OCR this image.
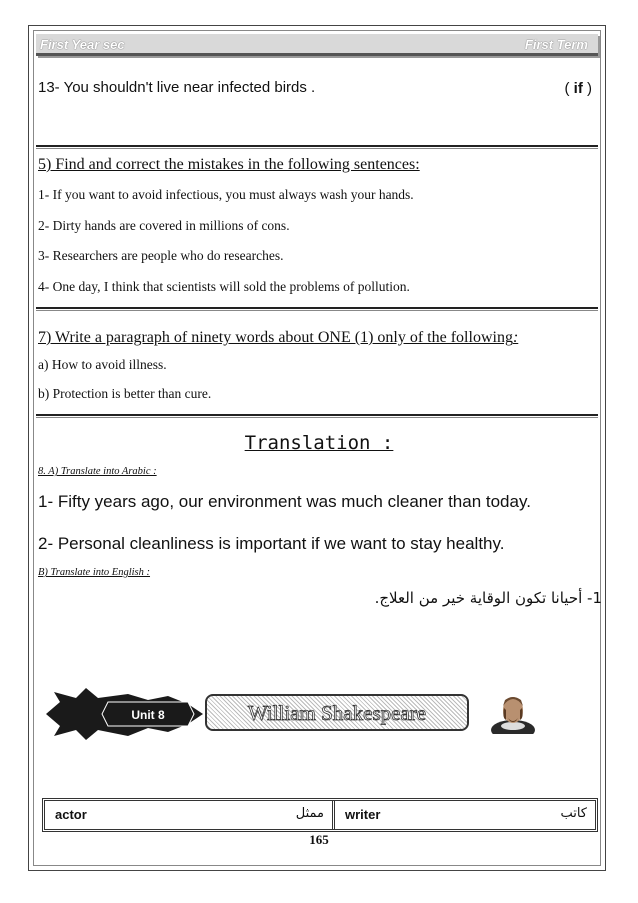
First Year sec	First Term
13- You shouldn't live near infected birds .	( if )
5) Find and correct the mistakes in the following sentences:
1- If you want to avoid infectious, you must always wash your hands.
2- Dirty hands are covered in millions of cons.
3- Researchers are people who do researches.
4- One day, I think that scientists will sold the problems of pollution.
7) Write a paragraph of ninety words about ONE (1) only of the following:
a) How to avoid illness.
b) Protection is better than cure.
Translation :
8. A) Translate into Arabic :
1- Fifty years ago, our environment was much cleaner than today.
2- Personal cleanliness is important if we want to stay healthy.
B) Translate into English :
1- أحيانا تكون الوقاية خير من العلاج.
Unit 8	William Shakespeare
actor	ممثل writer	كاتب
165
